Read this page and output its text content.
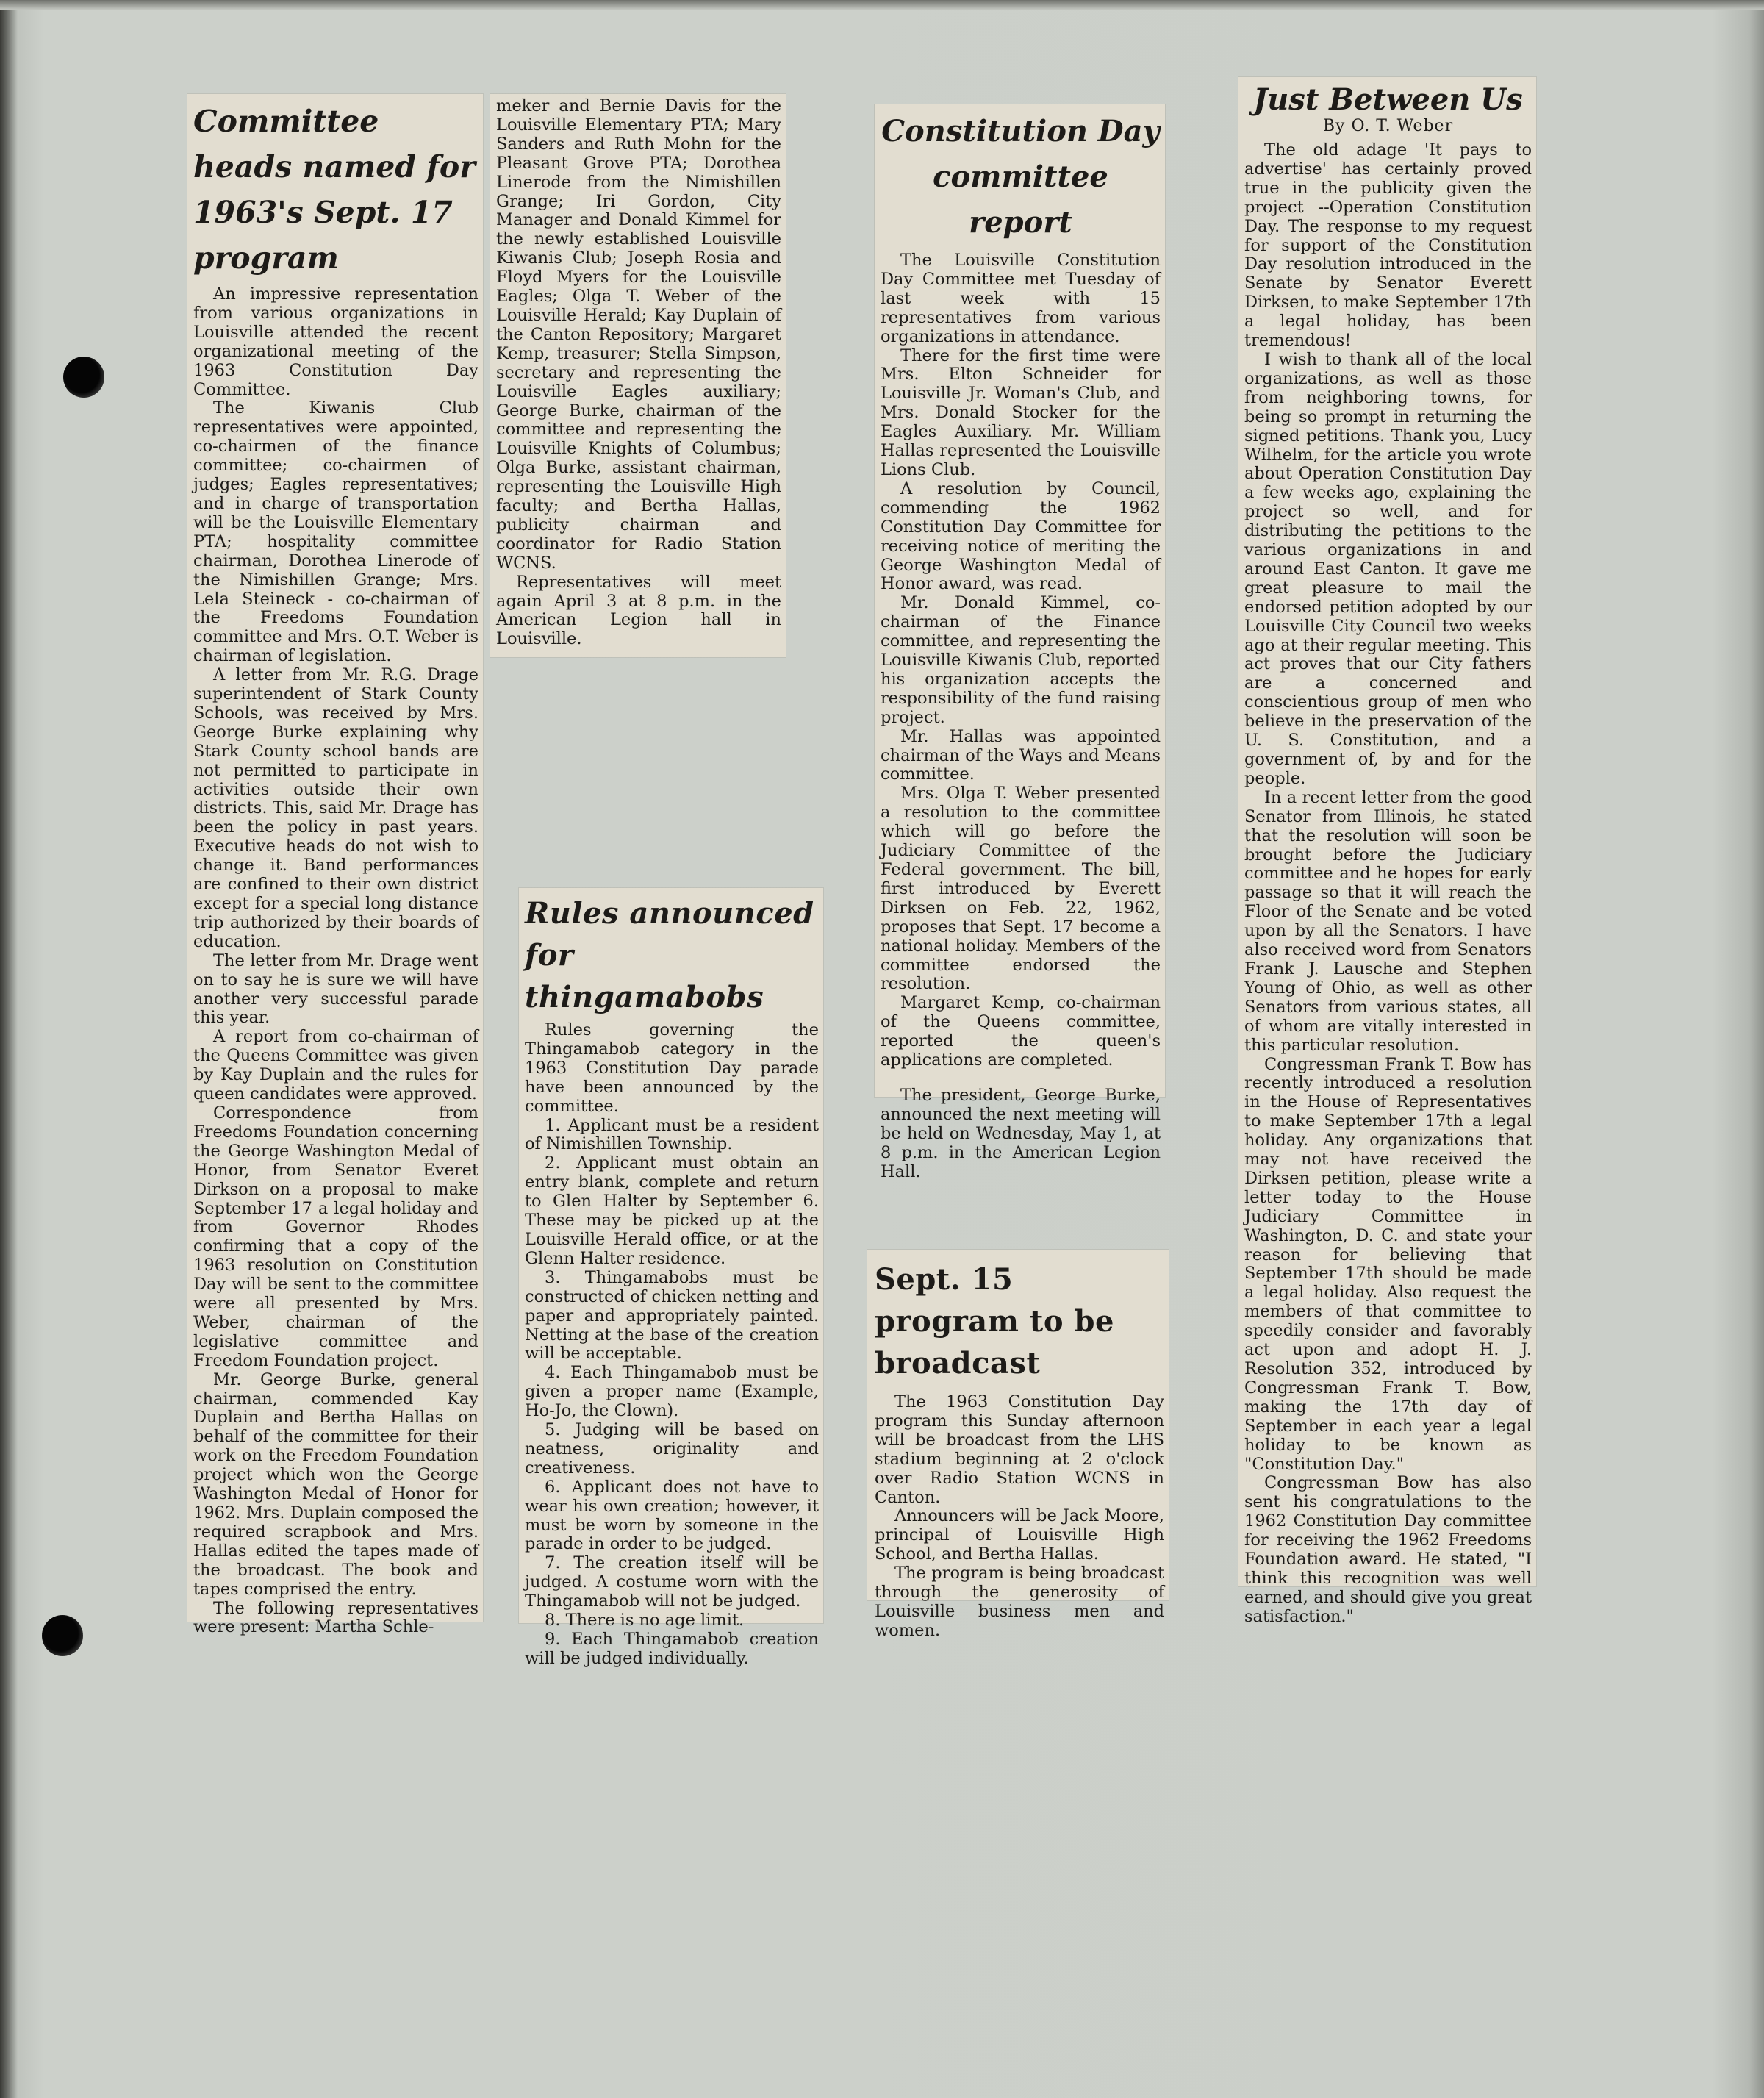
Committee heads named for 1963's Sept. 17 program

An impressive representation from various organizations in Louisville attended the recent organizational meeting of the 1963 Constitution Day Committee.

The Kiwanis Club representatives were appointed, co-chairmen of the finance committee; co-chairmen of judges; Eagles representatives; and in charge of transportation will be the Louisville Elementary PTA; hospitality committee chairman, Dorothea Linerode of the Nimishillen Grange; Mrs. Lela Steineck - co-chairman of the Freedoms Foundation committee and Mrs. O.T. Weber is chairman of legislation.

A letter from Mr. R.G. Drage superintendent of Stark County Schools, was received by Mrs. George Burke explaining why Stark County school bands are not permitted to participate in activities outside their own districts. This, said Mr. Drage has been the policy in past years. Executive heads do not wish to change it. Band performances are confined to their own district except for a special long distance trip authorized by their boards of education.

The letter from Mr. Drage went on to say he is sure we will have another very successful parade this year.

A report from co-chairman of the Queens Committee was given by Kay Duplain and the rules for queen candidates were approved.

Correspondence from Freedoms Foundation concerning the George Washington Medal of Honor, from Senator Everet Dirkson on a proposal to make September 17 a legal holiday and from Governor Rhodes confirming that a copy of the 1963 resolution on Constitution Day will be sent to the committee were all presented by Mrs. Weber, chairman of the legislative committee and Freedom Foundation project.

Mr. George Burke, general chairman, commended Kay Duplain and Bertha Hallas on behalf of the committee for their work on the Freedom Foundation project which won the George Washington Medal of Honor for 1962. Mrs. Duplain composed the required scrapbook and Mrs. Hallas edited the tapes made of the broadcast. The book and tapes comprised the entry.

The following representatives were present: Martha Schle-

meker and Bernie Davis for the Louisville Elementary PTA; Mary Sanders and Ruth Mohn for the Pleasant Grove PTA; Dorothea Linerode from the Nimishillen Grange; Iri Gordon, City Manager and Donald Kimmel for the newly established Louisville Kiwanis Club; Joseph Rosia and Floyd Myers for the Louisville Eagles; Olga T. Weber of the Louisville Herald; Kay Duplain of the Canton Repository; Margaret Kemp, treasurer; Stella Simpson, secretary and representing the Louisville Eagles auxiliary; George Burke, chairman of the committee and representing the Louisville Knights of Columbus; Olga Burke, assistant chairman, representing the Louisville High faculty; and Bertha Hallas, publicity chairman and coordinator for Radio Station WCNS.

Representatives will meet again April 3 at 8 p.m. in the American Legion hall in Louisville.

Rules announced for thingamabobs

Rules governing the Thingamabob category in the 1963 Constitution Day parade have been announced by the committee.

1. Applicant must be a resident of Nimishillen Township.

2. Applicant must obtain an entry blank, complete and return to Glen Halter by September 6. These may be picked up at the Louisville Herald office, or at the Glenn Halter residence.

3. Thingamabobs must be constructed of chicken netting and paper and appropriately painted. Netting at the base of the creation will be acceptable.

4. Each Thingamabob must be given a proper name (Example, Ho-Jo, the Clown).

5. Judging will be based on neatness, originality and creativeness.

6. Applicant does not have to wear his own creation; however, it must be worn by someone in the parade in order to be judged.

7. The creation itself will be judged. A costume worn with the Thingamabob will not be judged.

8. There is no age limit.

9. Each Thingamabob creation will be judged individually.

Constitution Day committee report

The Louisville Constitution Day Committee met Tuesday of last week with 15 representatives from various organizations in attendance.

There for the first time were Mrs. Elton Schneider for Louisville Jr. Woman's Club, and Mrs. Donald Stocker for the Eagles Auxiliary. Mr. William Hallas represented the Louisville Lions Club.

A resolution by Council, commending the 1962 Constitution Day Committee for receiving notice of meriting the George Washington Medal of Honor award, was read.

Mr. Donald Kimmel, co-chairman of the Finance committee, and representing the Louisville Kiwanis Club, reported his organization accepts the responsibility of the fund raising project.

Mr. Hallas was appointed chairman of the Ways and Means committee.

Mrs. Olga T. Weber presented a resolution to the committee which will go before the Judiciary Committee of the Federal government. The bill, first introduced by Everett Dirksen on Feb. 22, 1962, proposes that Sept. 17 become a national holiday. Members of the committee endorsed the resolution.

Margaret Kemp, co-chairman of the Queens committee, reported the queen's applications are completed.

The president, George Burke, announced the next meeting will be held on Wednesday, May 1, at 8 p.m. in the American Legion Hall.

Sept. 15 program to be broadcast

The 1963 Constitution Day program this Sunday afternoon will be broadcast from the LHS stadium beginning at 2 o'clock over Radio Station WCNS in Canton.

Announcers will be Jack Moore, principal of Louisville High School, and Bertha Hallas.

The program is being broadcast through the generosity of Louisville business men and women.

Just Between Us
By O. T. Weber

The old adage 'It pays to advertise' has certainly proved true in the publicity given the project --Operation Constitution Day. The response to my request for support of the Constitution Day resolution introduced in the Senate by Senator Everett Dirksen, to make September 17th a legal holiday, has been tremendous!

I wish to thank all of the local organizations, as well as those from neighboring towns, for being so prompt in returning the signed petitions. Thank you, Lucy Wilhelm, for the article you wrote about Operation Constitution Day a few weeks ago, explaining the project so well, and for distributing the petitions to the various organizations in and around East Canton. It gave me great pleasure to mail the endorsed petition adopted by our Louisville City Council two weeks ago at their regular meeting. This act proves that our City fathers are a concerned and conscientious group of men who believe in the preservation of the U. S. Constitution, and a government of, by and for the people.

In a recent letter from the good Senator from Illinois, he stated that the resolution will soon be brought before the Judiciary committee and he hopes for early passage so that it will reach the Floor of the Senate and be voted upon by all the Senators. I have also received word from Senators Frank J. Lausche and Stephen Young of Ohio, as well as other Senators from various states, all of whom are vitally interested in this particular resolution.

Congressman Frank T. Bow has recently introduced a resolution in the House of Representatives to make September 17th a legal holiday. Any organizations that may not have received the Dirksen petition, please write a letter today to the House Judiciary Committee in Washington, D. C. and state your reason for believing that September 17th should be made a legal holiday. Also request the members of that committee to speedily consider and favorably act upon and adopt H. J. Resolution 352, introduced by Congressman Frank T. Bow, making the 17th day of September in each year a legal holiday to be known as "Constitution Day."

Congressman Bow has also sent his congratulations to the 1962 Constitution Day committee for receiving the 1962 Freedoms Foundation award. He stated, "I think this recognition was well earned, and should give you great satisfaction."
